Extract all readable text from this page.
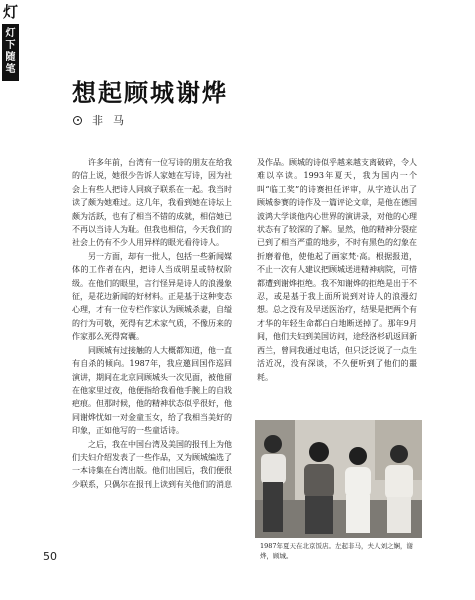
灯
灯
下
随
笔
想起顾城谢烨
非马

许多年前，台湾有一位写诗的朋友在给我的信上说，她很少告诉人家她在写诗，因为社会上有些人把诗人同疯子联系在一起。我当时读了颇为她难过。这几年，我看到她在诗坛上颇为活跃，也有了相当不错的成就，相信她已不再以当诗人为耻。但我也相信，今天我们的社会上仍有不少人用异样的眼光看待诗人。

另一方面，却有一批人，包括一些新闻媒体的工作者在内，把诗人当成明星或特权阶级。在他们的眼里，言行怪异是诗人的浪漫象征，是花边新闻的好材料。正是基于这种变态心理，才有一位专栏作家认为顾城杀妻，自缢的行为可敬，死得有艺术家气质，不像历来的作家那么死得窝囊。

同顾城有过接触的人大概都知道，他一直有自杀的倾向。1987年，我应邀回国作巡回演讲，期间在北京同顾城头一次见面，被他留在他家里过夜，他便指给我看他手腕上的自戕疤痕。但那时候，他的精神状态似乎很好，他同谢烨忧如一对金童玉女，给了我相当美好的印象，正如他写的一些童话诗。

之后，我在中国台湾及美国的报刊上为他们夫妇介绍发表了一些作品，又为顾城编选了一本诗集在台湾出版。他们出国后，我们便很少联系，只偶尔在报刊上读到有关他们的消息

及作品。顾城的诗似乎越来越支离破碎，令人难以卒读。1993年夏天，我为国内一个叫“临工奖”的诗赛担任评审，从字迹认出了顾城参赛的诗作及一篇评论文章，是他在德国波鸿大学谈他内心世界的演讲录，对他的心理状态有了较深的了解。显然，他的精神分裂症已到了相当严重的地步，不时有黑色的幻象在折磨着他，使他起了画家梵·高。根据报道，不止一次有人建议把顾城送进精神病院，可惜都遭到谢烨拒绝。我不知谢烨的拒绝是出于不忍，或是基于我上面所说到对诗人的浪漫幻想。总之没有及早送医治疗，结果是把两个有才华的年轻生命都白白地断送掉了。那年9月间，他们夫妇到美国访问，途经洛杉矶返回新西兰，曾同我通过电话，但只泛泛说了一点生活近况，没有深谈，不久便听到了他们的噩耗。

1987年夏天在北京饭店。左起非马，夫人刘之娴，谢烨，顾城。
50
